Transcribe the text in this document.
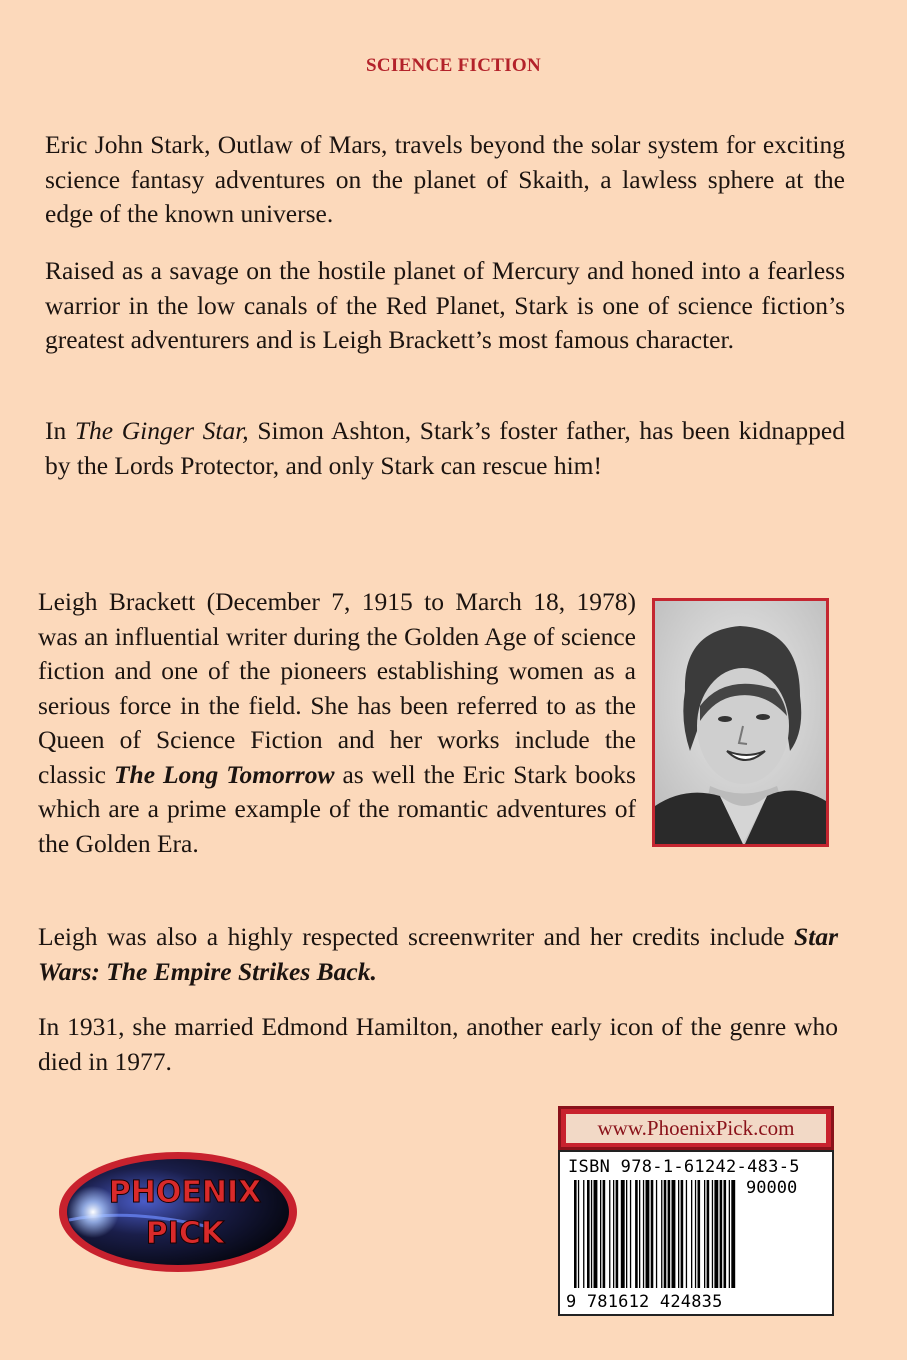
SCIENCE FICTION

Eric John Stark, Outlaw of Mars, travels beyond the solar system for exciting science fantasy adventures on the planet of Skaith, a lawless sphere at the edge of the known universe.

Raised as a savage on the hostile planet of Mercury and honed into a fearless warrior in the low canals of the Red Planet, Stark is one of science fiction’s greatest adventurers and is Leigh Brackett’s most famous character.

In The Ginger Star, Simon Ashton, Stark’s foster father, has been kidnapped by the Lords Protector, and only Stark can rescue him!

Leigh Brackett (December 7, 1915 to March 18, 1978) was an influential writer during the Golden Age of science fiction and one of the pioneers establishing women as a serious force in the field. She has been referred to as the Queen of Science Fiction and her works include the classic The Long Tomorrow as well the Eric Stark books which are a prime example of the romantic adventures of the Golden Era.

Leigh was also a highly respected screenwriter and her credits include Star Wars: The Empire Strikes Back.

In 1931, she married Edmond Hamilton, another early icon of the genre who died in 1977.

PHOENIX
PICK
www.PhoenixPick.com
ISBN 978-1-61242-483-5
90000
9 781612 424835
